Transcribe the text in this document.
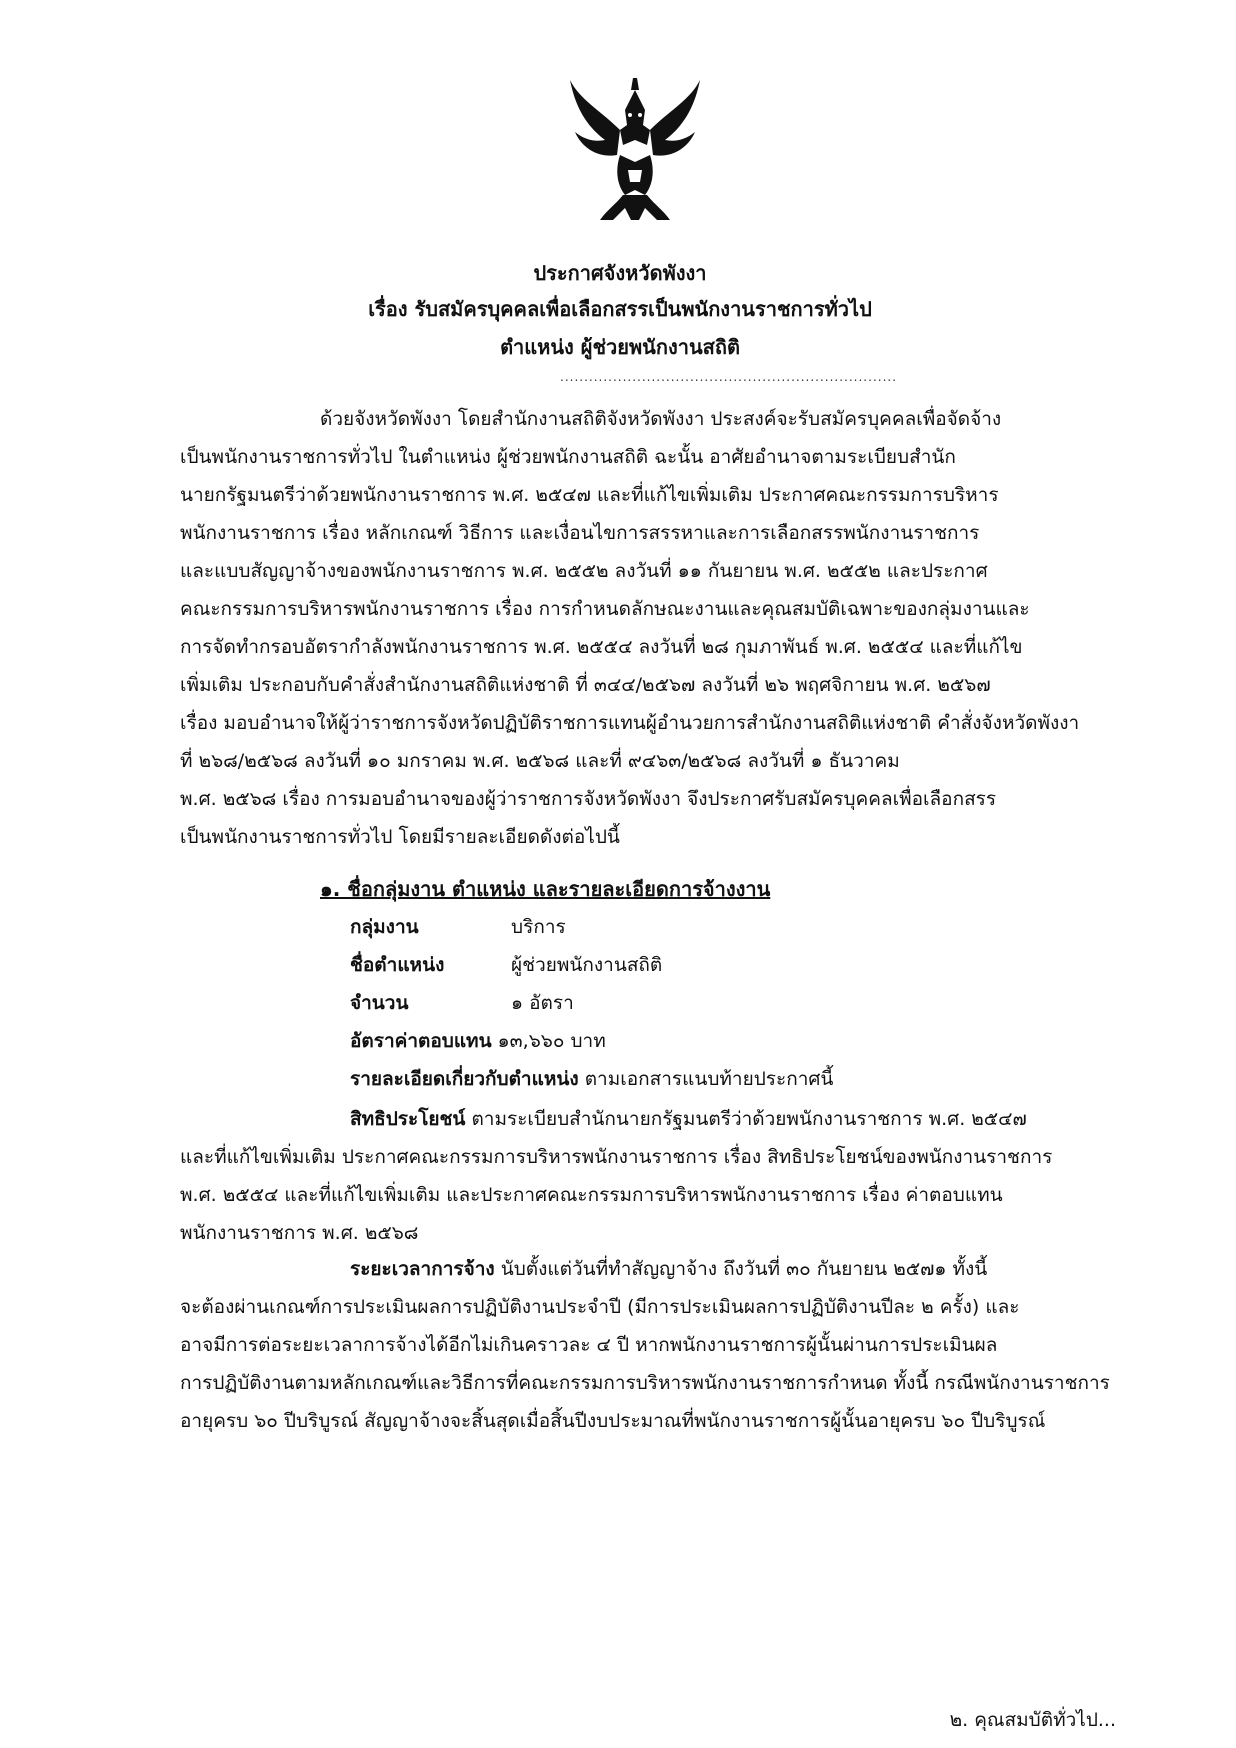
ประกาศจังหวัดพังงา
เรื่อง รับสมัครบุคคลเพื่อเลือกสรรเป็นพนักงานราชการทั่วไป
ตำแหน่ง ผู้ช่วยพนักงานสถิติ
......................................................................
ด้วยจังหวัดพังงา โดยสำนักงานสถิติจังหวัดพังงา ประสงค์จะรับสมัครบุคคลเพื่อจัดจ้าง
เป็นพนักงานราชการทั่วไป ในตำแหน่ง ผู้ช่วยพนักงานสถิติ ฉะนั้น อาศัยอำนาจตามระเบียบสำนัก
นายกรัฐมนตรีว่าด้วยพนักงานราชการ พ.ศ. ๒๕๔๗ และที่แก้ไขเพิ่มเติม ประกาศคณะกรรมการบริหาร
พนักงานราชการ เรื่อง หลักเกณฑ์ วิธีการ และเงื่อนไขการสรรหาและการเลือกสรรพนักงานราชการ
และแบบสัญญาจ้างของพนักงานราชการ พ.ศ. ๒๕๕๒ ลงวันที่ ๑๑ กันยายน พ.ศ. ๒๕๕๒ และประกาศ
คณะกรรมการบริหารพนักงานราชการ เรื่อง การกำหนดลักษณะงานและคุณสมบัติเฉพาะของกลุ่มงานและ
การจัดทำกรอบอัตรากำลังพนักงานราชการ พ.ศ. ๒๕๕๔ ลงวันที่ ๒๘ กุมภาพันธ์ พ.ศ. ๒๕๕๔ และที่แก้ไข
เพิ่มเติม ประกอบกับคำสั่งสำนักงานสถิติแห่งชาติ ที่ ๓๔๔/๒๕๖๗ ลงวันที่ ๒๖ พฤศจิกายน พ.ศ. ๒๕๖๗
เรื่อง มอบอำนาจให้ผู้ว่าราชการจังหวัดปฏิบัติราชการแทนผู้อำนวยการสำนักงานสถิติแห่งชาติ คำสั่งจังหวัดพังงา
ที่ ๒๖๘/๒๕๖๘ ลงวันที่ ๑๐ มกราคม พ.ศ. ๒๕๖๘ และที่ ๙๔๖๓/๒๕๖๘ ลงวันที่ ๑ ธันวาคม
พ.ศ. ๒๕๖๘ เรื่อง การมอบอำนาจของผู้ว่าราชการจังหวัดพังงา จึงประกาศรับสมัครบุคคลเพื่อเลือกสรร
เป็นพนักงานราชการทั่วไป โดยมีรายละเอียดดังต่อไปนี้
๑. ชื่อกลุ่มงาน ตำแหน่ง และรายละเอียดการจ้างงาน
กลุ่มงาน	บริการ
ชื่อตำแหน่ง	ผู้ช่วยพนักงานสถิติ
จำนวน	๑ อัตรา
อัตราค่าตอบแทน ๑๓,๖๖๐ บาท
รายละเอียดเกี่ยวกับตำแหน่ง ตามเอกสารแนบท้ายประกาศนี้
สิทธิประโยชน์ ตามระเบียบสำนักนายกรัฐมนตรีว่าด้วยพนักงานราชการ พ.ศ. ๒๕๔๗
และที่แก้ไขเพิ่มเติม ประกาศคณะกรรมการบริหารพนักงานราชการ เรื่อง สิทธิประโยชน์ของพนักงานราชการ
พ.ศ. ๒๕๕๔ และที่แก้ไขเพิ่มเติม และประกาศคณะกรรมการบริหารพนักงานราชการ เรื่อง ค่าตอบแทน
พนักงานราชการ พ.ศ. ๒๕๖๘
ระยะเวลาการจ้าง นับตั้งแต่วันที่ทำสัญญาจ้าง ถึงวันที่ ๓๐ กันยายน ๒๕๗๑ ทั้งนี้
จะต้องผ่านเกณฑ์การประเมินผลการปฏิบัติงานประจำปี (มีการประเมินผลการปฏิบัติงานปีละ ๒ ครั้ง) และ
อาจมีการต่อระยะเวลาการจ้างได้อีกไม่เกินคราวละ ๔ ปี หากพนักงานราชการผู้นั้นผ่านการประเมินผล
การปฏิบัติงานตามหลักเกณฑ์และวิธีการที่คณะกรรมการบริหารพนักงานราชการกำหนด ทั้งนี้ กรณีพนักงานราชการ
อายุครบ ๖๐ ปีบริบูรณ์ สัญญาจ้างจะสิ้นสุดเมื่อสิ้นปีงบประมาณที่พนักงานราชการผู้นั้นอายุครบ ๖๐ ปีบริบูรณ์
๒. คุณสมบัติทั่วไป...
